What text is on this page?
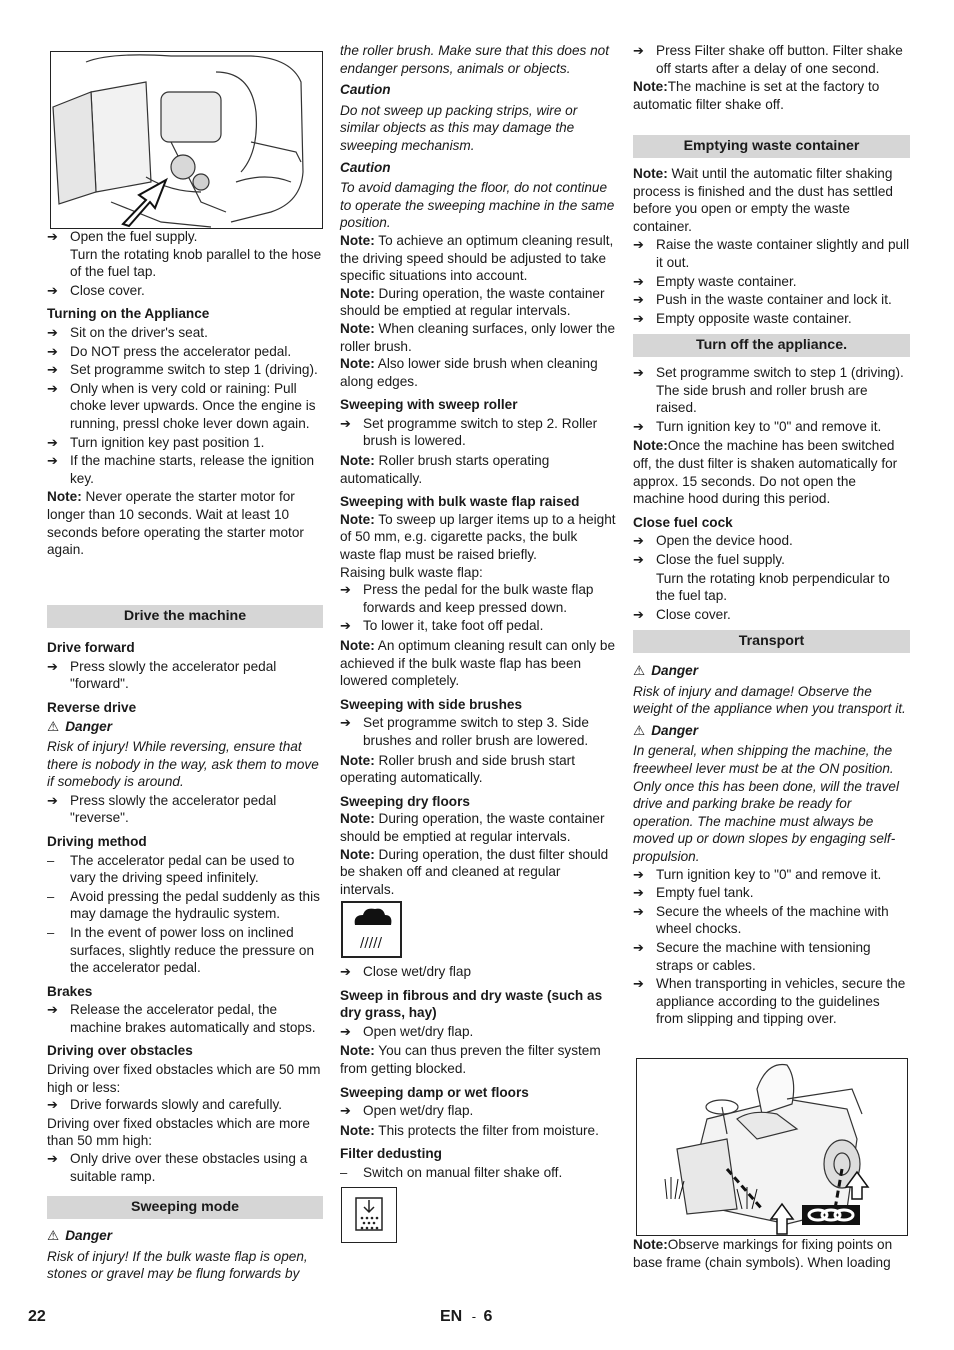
➔ Open the fuel supply.
Turn the rotating knob parallel to the hose of the fuel tap.
➔ Close cover.

Turning on the Appliance

➔ Sit on the driver's seat.
➔ Do NOT press the accelerator pedal.
➔ Set programme switch to step 1 (driving).
➔ Only when is very cold or raining: Pull choke lever upwards. Once the engine is running, pressl choke lever down again.
➔ Turn ignition key past position 1.
➔ If the machine starts, release the ignition key.

Note: Never operate the starter motor for longer than 10 seconds. Wait at least 10 seconds before operating the starter motor again.

Drive the machine

Drive forward

➔ Press slowly the accelerator pedal "forward".

Reverse drive

⚠ Danger

Risk of injury! While reversing, ensure that there is nobody in the way, ask them to move if somebody is around.

➔ Press slowly the accelerator pedal "reverse".

Driving method

–	The accelerator pedal can be used to vary the driving speed infinitely.
–	Avoid pressing the pedal suddenly as this may damage the hydraulic system.
–	In the event of power loss on inclined surfaces, slightly reduce the pressure on the accelerator pedal.

Brakes

➔ Release the accelerator pedal, the machine brakes automatically and stops.

Driving over obstacles

Driving over fixed obstacles which are 50 mm high or less:

➔ Drive forwards slowly and carefully.

Driving over fixed obstacles which are more than 50 mm high:

➔ Only drive over these obstacles using a suitable ramp.
Sweeping mode

⚠ Danger

Risk of injury! If the bulk waste flap is open, stones or gravel may be flung forwards by

the roller brush. Make sure that this does not endanger persons, animals or objects.

Caution

Do not sweep up packing strips, wire or similar objects as this may damage the sweeping mechanism.

Caution

To avoid damaging the floor, do not continue to operate the sweeping machine in the same position.

Note: To achieve an optimum cleaning result, the driving speed should be adjusted to take specific situations into account.

Note: During operation, the waste container should be emptied at regular intervals.

Note: When cleaning surfaces, only lower the roller brush.

Note: Also lower side brush when cleaning along edges.

Sweeping with sweep roller

➔ Set programme switch to step 2. Roller brush is lowered.

Note: Roller brush starts operating automatically.

Sweeping with bulk waste flap raised

Note: To sweep up larger items up to a height of 50 mm, e.g. cigarette packs, the bulk waste flap must be raised briefly.

Raising bulk waste flap:

➔ Press the pedal for the bulk waste flap forwards and keep pressed down.
➔ To lower it, take foot off pedal.

Note: An optimum cleaning result can only be achieved if the bulk waste flap has been lowered completely.

Sweeping with side brushes

➔ Set programme switch to step 3. Side brushes and roller brush are lowered.

Note: Roller brush and side brush start operating automatically.

Sweeping dry floors

Note: During operation, the waste container should be emptied at regular intervals.

Note: During operation, the dust filter should be shaken off and cleaned at regular intervals.

/////
➔ Close wet/dry flap

Sweep in fibrous and dry waste (such as dry grass, hay)

➔ Open wet/dry flap.

Note: You can thus preven the filter system from getting blocked.

Sweeping damp or wet floors

➔ Open wet/dry flap.

Note: This protects the filter from moisture.

Filter dedusting

–	Switch on manual filter shake off.
➔ Press Filter shake off button. Filter shake off starts after a delay of one second.

Note:The machine is set at the factory to automatic filter shake off.

Emptying waste container

Note: Wait until the automatic filter shaking process is finished and the dust has settled before you open or empty the waste container.

➔ Raise the waste container slightly and pull it out.
➔ Empty waste container.
➔ Push in the waste container and lock it.
➔ Empty opposite waste container.
Turn off the appliance.
➔ Set programme switch to step 1 (driving). The side brush and roller brush are raised.
➔ Turn ignition key to "0" and remove it.

Note:Once the machine has been switched off, the dust filter is shaken automatically for approx. 15 seconds. Do not open the machine hood during this period.

Close fuel cock

➔ Open the device hood.
➔ Close the fuel supply.
Turn the rotating knob perpendicular to the fuel tap.
➔ Close cover.
Transport

⚠ Danger

Risk of injury and damage! Observe the weight of the appliance when you transport it.

⚠ Danger

In general, when shipping the machine, the freewheel lever must be at the ON position. Only once this has been done, will the travel drive and parking brake be ready for operation. The machine must always be moved up or down slopes by engaging self-propulsion.

➔ Turn ignition key to "0" and remove it.
➔ Empty fuel tank.
➔ Secure the wheels of the machine with wheel chocks.
➔ Secure the machine with tensioning straps or cables.
➔ When transporting in vehicles, secure the appliance according to the guidelines from slipping and tipping over.

Note:Observe markings for fixing points on base frame (chain symbols). When loading

22	EN - 6
